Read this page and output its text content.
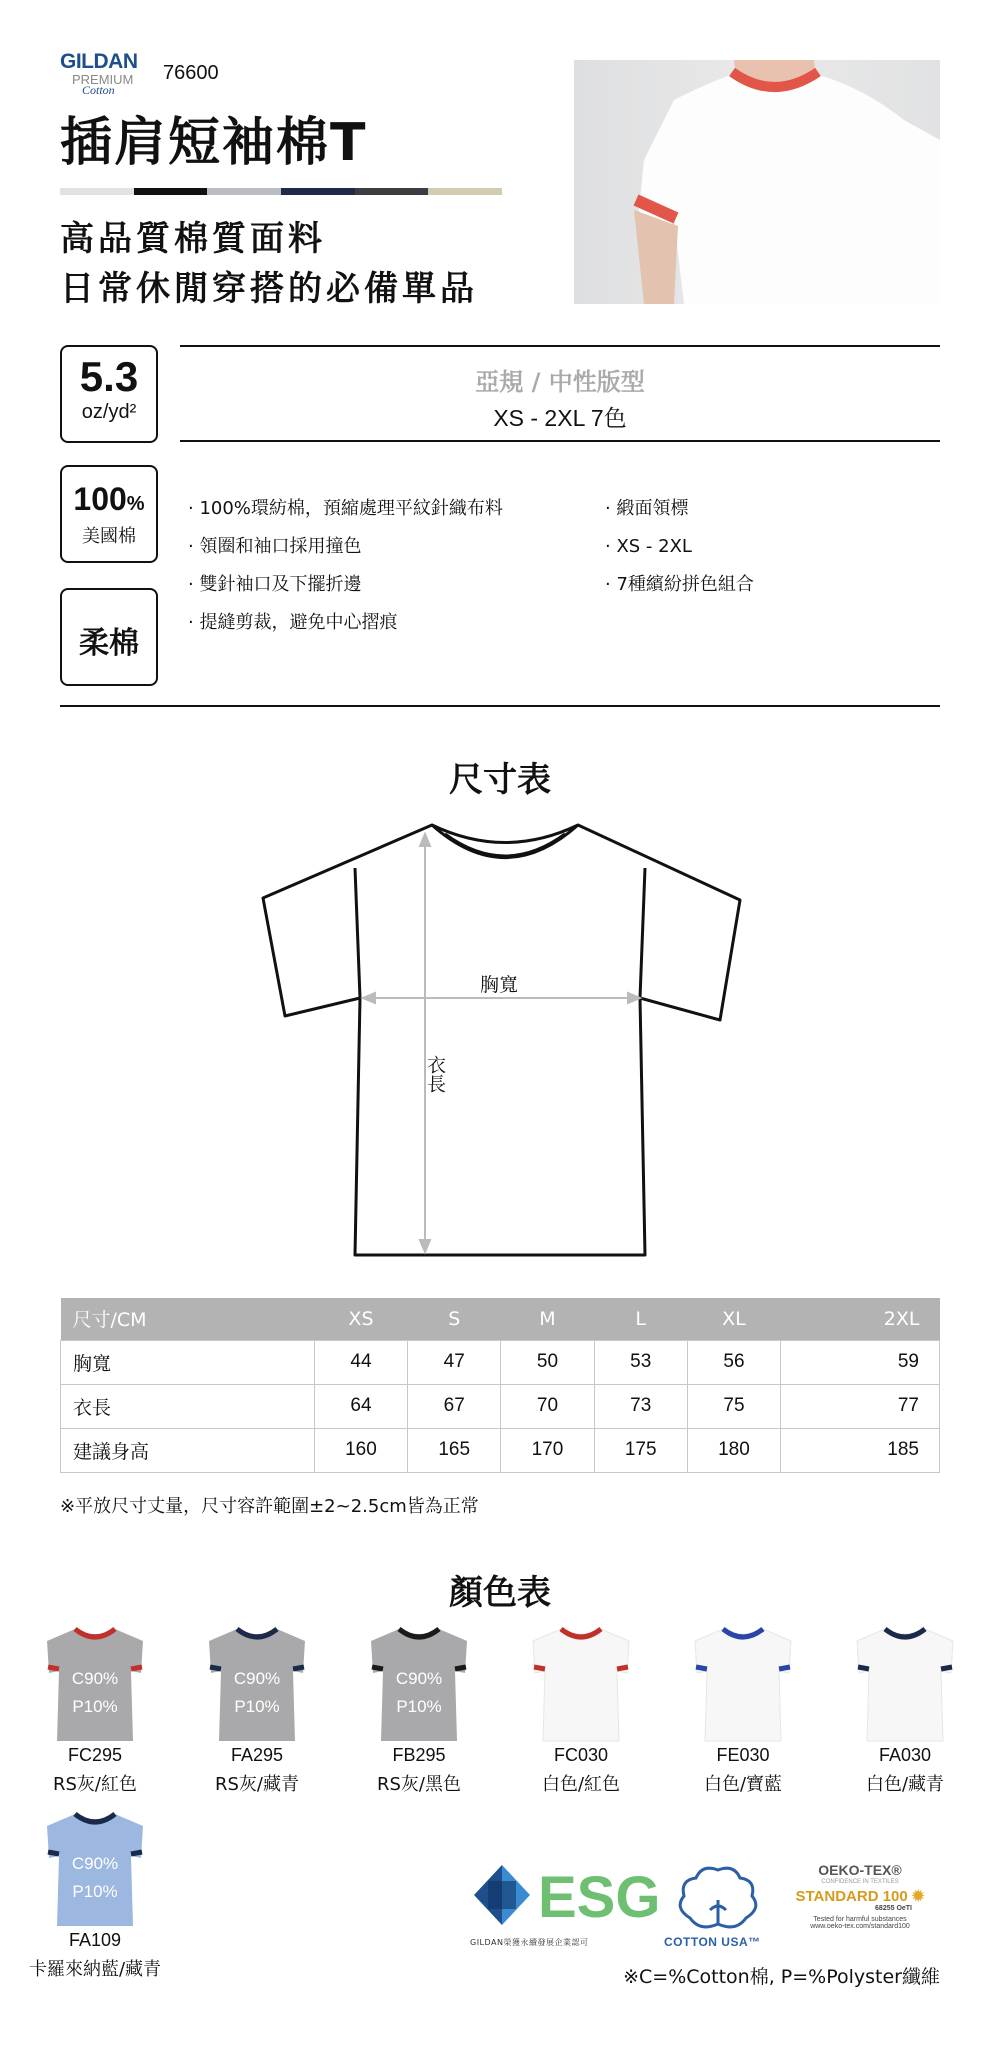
GILDAN
PREMIUM
Cotton
76600
插肩短袖棉T
高品質棉質面料
日常休閒穿搭的必備單品
5.3
oz/yd²
100%
美國棉
柔棉
亞規 / 中性版型
XS - 2XL 7色
· 100%環紡棉，預縮處理平紋針織布料
· 領圈和袖口採用撞色
· 雙針袖口及下擺折邊
· 提縫剪裁，避免中心摺痕
· 緞面領標
· XS - 2XL
· 7種繽紛拼色組合
尺寸表
胸寬
衣長
尺寸/CM	XS	S	M	L	XL	2XL
胸寬	44	47	50	53	56	59
衣長	64	67	70	73	75	77
建議身高	160	165	170	175	180	185
※平放尺寸丈量，尺寸容許範圍±2~2.5cm皆為正常
顏色表
C90%
P10%
FC295
RS灰/紅色
C90%
P10%
FA295
RS灰/藏青
C90%
P10%
FB295
RS灰/黑色
FC030
白色/紅色
FE030
白色/寶藍
FA030
白色/藏青
C90%
P10%
FA109
卡羅來納藍/藏青
ESG
GILDAN榮獲永續發展企業認可	COTTON USA™
OEKO-TEX®
CONFIDENCE IN TEXTILES
STANDARD 100 ✹
68255 OeTI
Tested for harmful substances
www.oeko-tex.com/standard100
※C=%Cotton棉, P=%Polyster纖維
